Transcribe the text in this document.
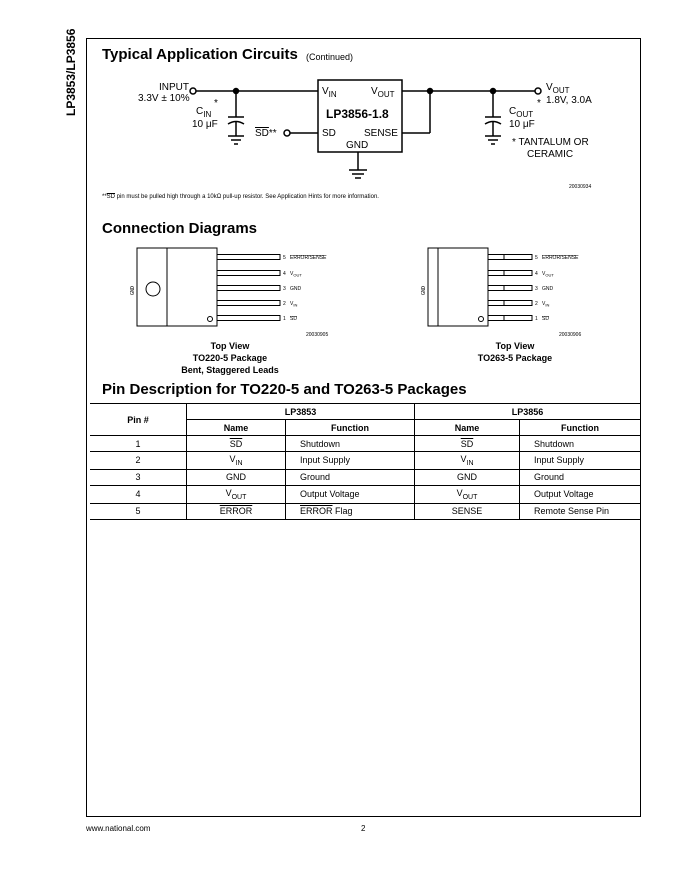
LP3853/LP3856 Typical Application Circuits (Continued)
INPUT
3.3V ± 10%
$C_{IN}$
*
10 μF
SD**
$V_{IN}$	$V_{OUT}$
LP3856-1.8
SD	SENSE
GND
$V_{OUT}$
1.8V, 3.0A
$C_{OUT}$
*
10 μF
* TANTALUM OR
CERAMIC
20030934
$**\overline{SD}$ pin must be pulled high through a 10kΩ pull-up resistor. See Application Hints for more information.
Connection Diagrams
5 ERROR/SENSE
4 $V_{OUT}$
3 GND
2 $V_{IN}$
1 SD
5 ERROR/SENSE
4 $V_{OUT}$
3 GND
2 $V_{IN}$
1 SD
GND	GND
20030905	20030906
Top View
TO220-5 Package
Bent, Staggered Leads
Top View
TO263-5 Package
Pin Description for TO220-5 and TO263-5 Packages
Pin #	LP3853		LP3856	
	Name	Function	Name	Function
1	$\overline{SD}$	Shutdown	$\overline{SD}$	Shutdown
2	$V_{IN}$	Input Supply	$V_{IN}$	Input Supply
3	GND	Ground	GND	Ground
4	$V_{OUT}$	Output Voltage	$V_{OUT}$	Output Voltage
5	ERROR	ERROR Flag	SENSE	Remote Sense Pin
www.national.com	2
